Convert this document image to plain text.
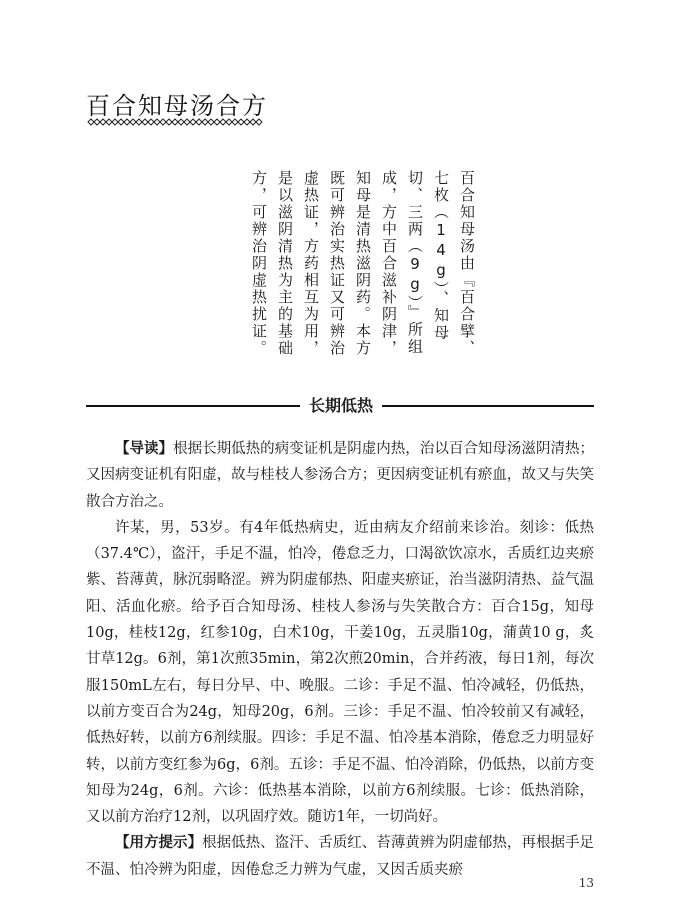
百合知母汤合方
百合知母汤由『百合擘、七枚（14g）、知母切、三两（9g）』所组成，方中百合滋补阴津，知母是清热滋阴药。本方既可辨治实热证又可辨治虚热证，方药相互为用，是以滋阴清热为主的基础方，可辨治阴虚热扰证。
长期低热

【导读】根据长期低热的病变证机是阴虚内热，治以百合知母汤滋阴清热；又因病变证机有阳虚，故与桂枝人参汤合方；更因病变证机有瘀血，故又与失笑散合方治之。

许某，男，53岁。有4年低热病史，近由病友介绍前来诊治。刻诊：低热（37.4℃），盗汗，手足不温，怕冷，倦怠乏力，口渴欲饮凉水，舌质红边夹瘀紫、苔薄黄，脉沉弱略涩。辨为阴虚郁热、阳虚夹瘀证，治当滋阴清热、益气温阳、活血化瘀。给予百合知母汤、桂枝人参汤与失笑散合方：百合15g，知母10g，桂枝12g，红参10g，白术10g，干姜10g，五灵脂10g，蒲黄10 g，炙甘草12g。6剂，第1次煎35min，第2次煎20min，合并药液，每日1剂，每次服150mL左右，每日分早、中、晚服。二诊：手足不温、怕冷减轻，仍低热，以前方变百合为24g，知母20g，6剂。三诊：手足不温、怕冷较前又有减轻，低热好转，以前方6剂续服。四诊：手足不温、怕冷基本消除，倦怠乏力明显好转，以前方变红参为6g，6剂。五诊：手足不温、怕冷消除，仍低热，以前方变知母为24g，6剂。六诊：低热基本消除，以前方6剂续服。七诊：低热消除，又以前方治疗12剂，以巩固疗效。随访1年，一切尚好。

【用方提示】根据低热、盗汗、舌质红、苔薄黄辨为阴虚郁热，再根据手足不温、怕冷辨为阳虚，因倦怠乏力辨为气虚，又因舌质夹瘀

13
